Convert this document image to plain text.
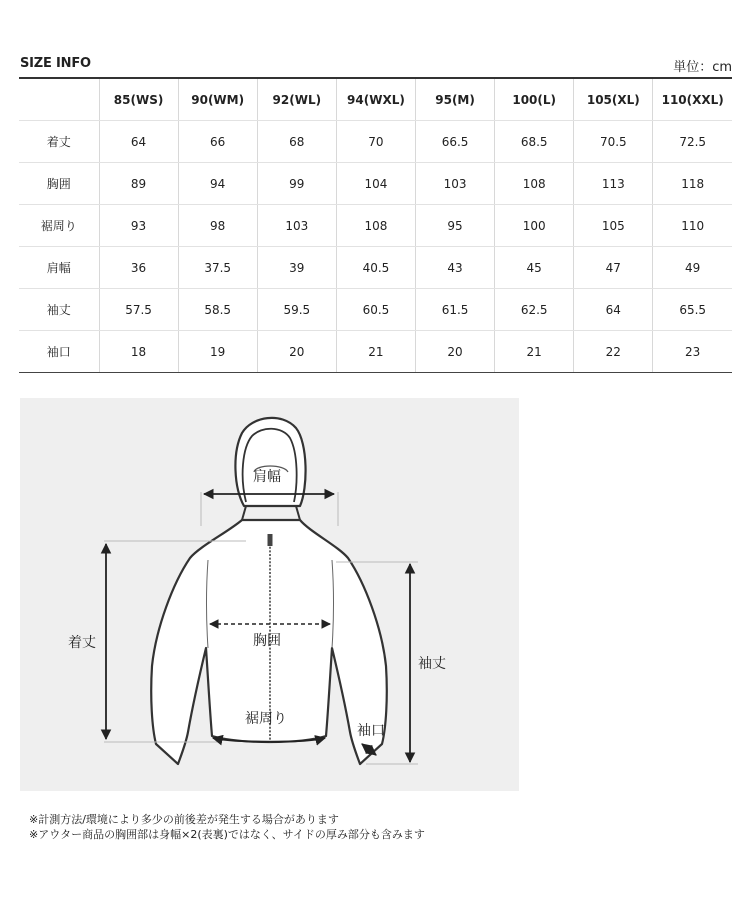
SIZE INFO	単位：cm
	85(WS)	90(WM)	92(WL)	94(WXL)	95(M)	100(L)	105(XL)	110(XXL)
着丈	64	66	68	70	66.5	68.5	70.5	72.5
胸囲	89	94	99	104	103	108	113	118
裾周り	93	98	103	108	95	100	105	110
肩幅	36	37.5	39	40.5	43	45	47	49
袖丈	57.5	58.5	59.5	60.5	61.5	62.5	64	65.5
袖口	18	19	20	21	20	21	22	23
肩幅
着丈	胸囲
裾周り
袖丈
袖口
※計測方法/環境により多少の前後差が発生する場合があります
※アウター商品の胸囲部は身幅×2(表裏)ではなく、サイドの厚み部分も含みます
